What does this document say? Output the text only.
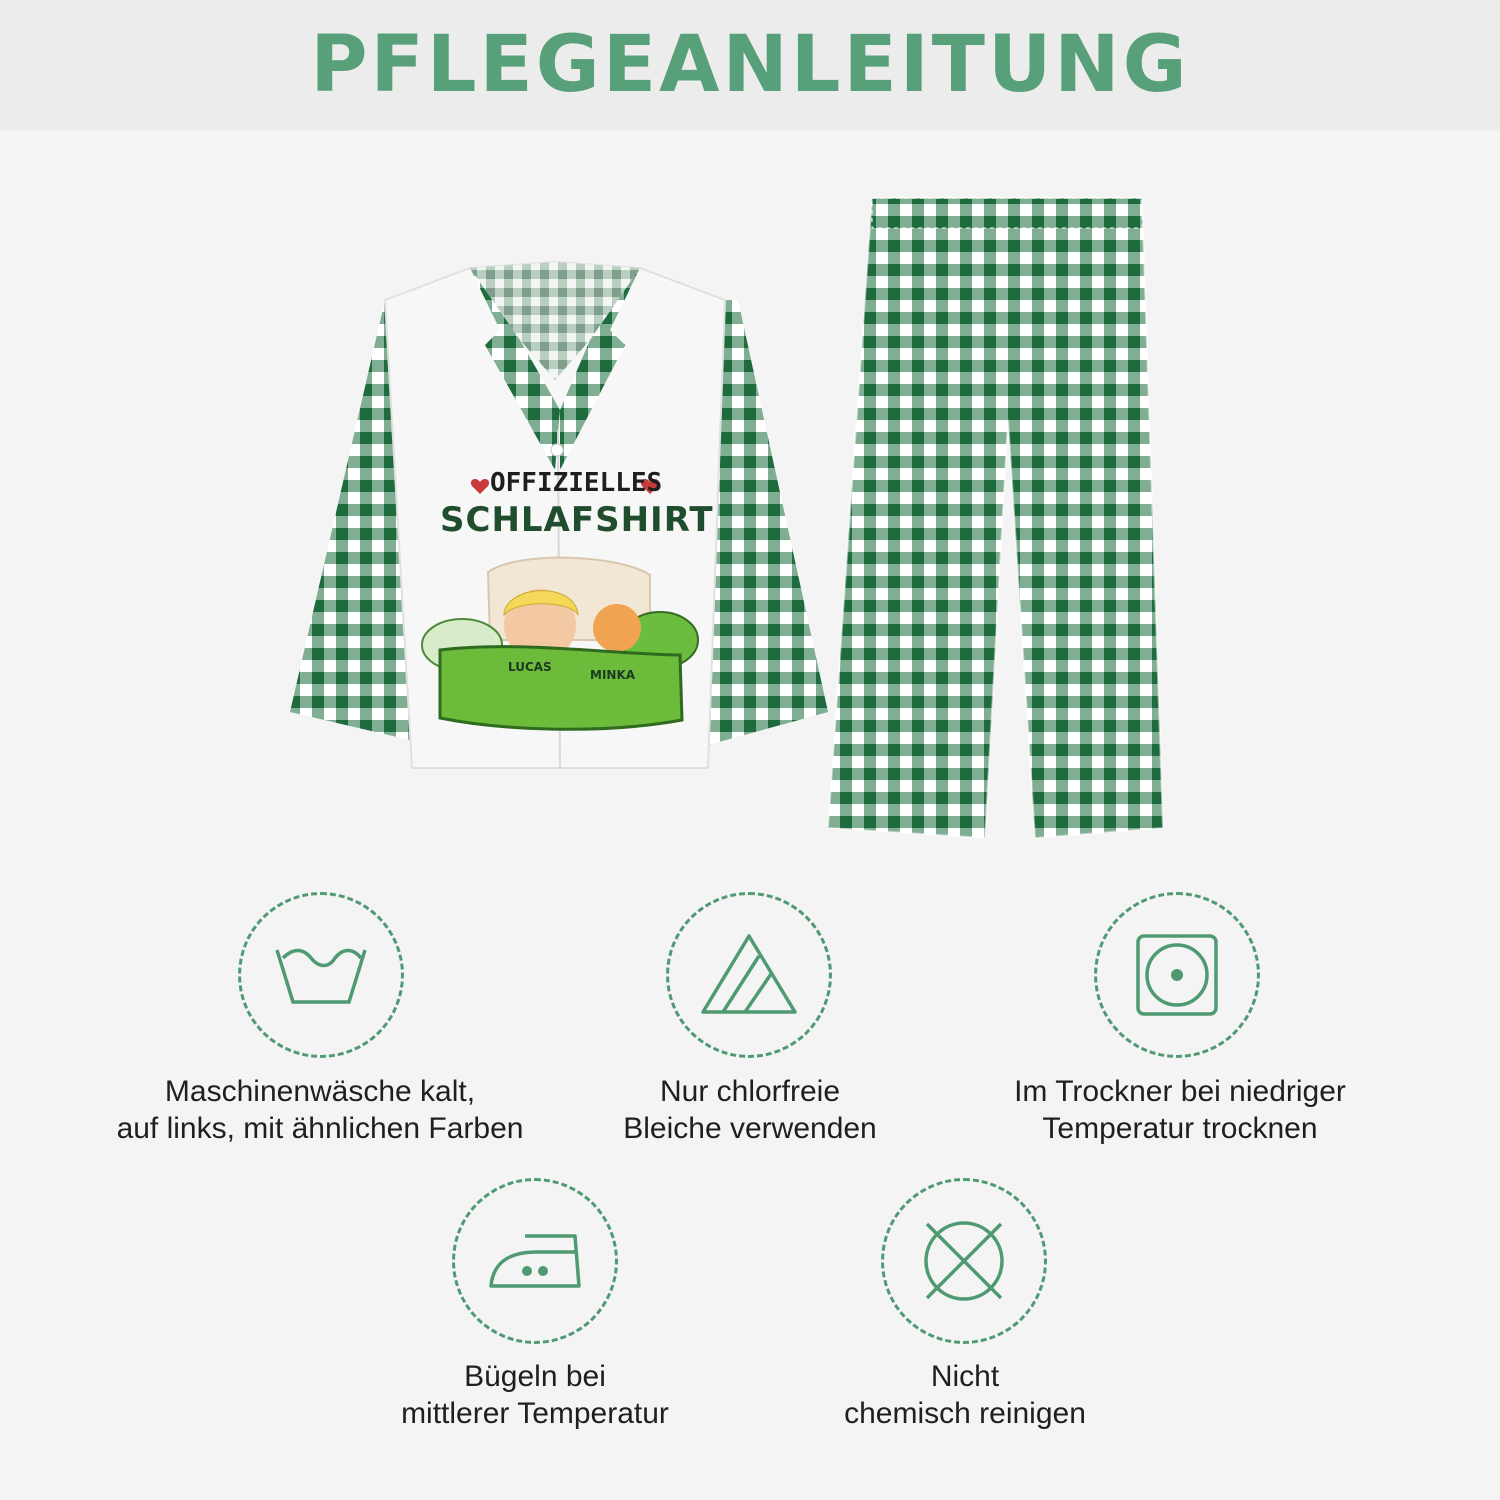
PFLEGEANLEITUNG
OFFIZIELLES
SCHLAFSHIRT
LUCAS
MINKA
Maschinenwäsche kalt,
auf links, mit ähnlichen Farben
Nur chlorfreie
Bleiche verwenden
Im Trockner bei niedriger
Temperatur trocknen
Bügeln bei
mittlerer Temperatur
Nicht
chemisch reinigen
